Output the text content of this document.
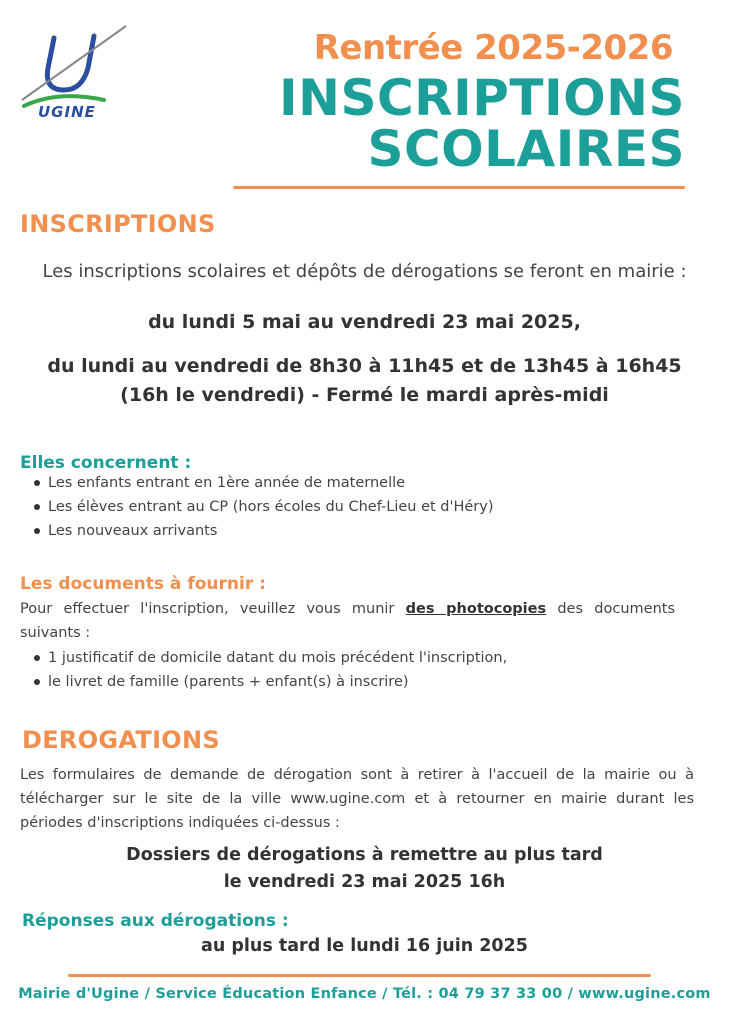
UGINE
Rentrée 2025-2026
INSCRIPTIONS
SCOLAIRES
INSCRIPTIONS
Les inscriptions scolaires et dépôts de dérogations se feront en mairie :
du lundi 5 mai au vendredi 23 mai 2025,
du lundi au vendredi de 8h30 à 11h45 et de 13h45 à 16h45
(16h le vendredi) - Fermé le mardi après-midi
Elles concernent :
Les enfants entrant en 1ère année de maternelle
Les élèves entrant au CP (hors écoles du Chef-Lieu et d'Héry)
Les nouveaux arrivants
Les documents à fournir :
Pour effectuer l'inscription, veuillez vous munir des photocopies des documents suivants :
1 justificatif de domicile datant du mois précédent l'inscription,
le livret de famille (parents + enfant(s) à inscrire)
DEROGATIONS
Les formulaires de demande de dérogation sont à retirer à l'accueil de la mairie ou à télécharger sur le site de la ville www.ugine.com et à retourner en mairie durant les périodes d'inscriptions indiquées ci-dessus :
Dossiers de dérogations à remettre au plus tard
le vendredi 23 mai 2025 16h
Réponses aux dérogations :
au plus tard le lundi 16 juin 2025
Mairie d'Ugine / Service Éducation Enfance / Tél. : 04 79 37 33 00 / www.ugine.com
